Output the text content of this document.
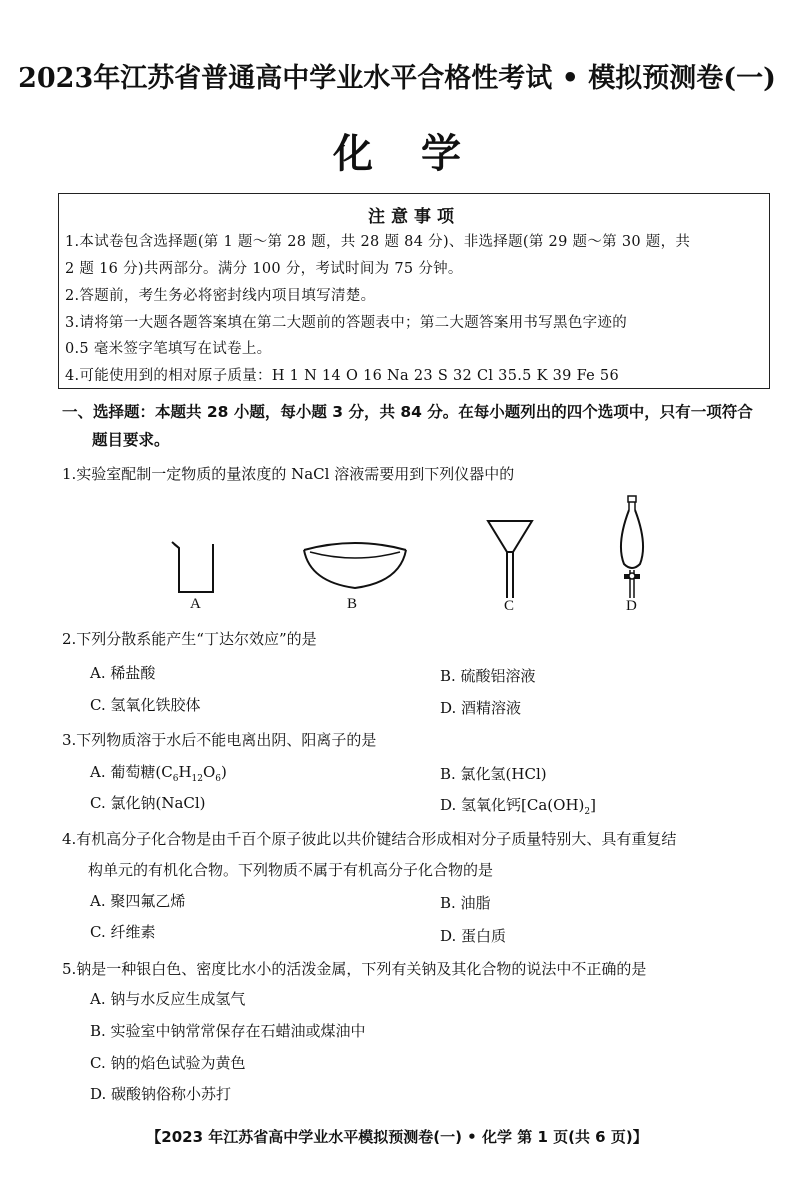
2023年江苏省普通高中学业水平合格性考试 • 模拟预测卷(一)
化学
注意事项
1.本试卷包含选择题(第 1 题～第 28 题，共 28 题 84 分)、非选择题(第 29 题～第 30 题，共
2 题 16 分)共两部分。满分 100 分，考试时间为 75 分钟。
2.答题前，考生务必将密封线内项目填写清楚。
3.请将第一大题各题答案填在第二大题前的答题表中；第二大题答案用书写黑色字迹的
0.5 毫米签字笔填写在试卷上。
4.可能使用到的相对原子质量：H 1 N 14 O 16 Na 23 S 32 Cl 35.5 K 39 Fe 56
一、选择题：本题共 28 小题，每小题 3 分，共 84 分。在每小题列出的四个选项中，只有一项符合
题目要求。
1.实验室配制一定物质的量浓度的 NaCl 溶液需要用到下列仪器中的
A	B	C	D
2.下列分散系能产生“丁达尔效应”的是
A. 稀盐酸	B. 硫酸铝溶液
C. 氢氧化铁胶体	D. 酒精溶液
3.下列物质溶于水后不能电离出阴、阳离子的是
A. 葡萄糖$(C_6H_{12}O_6)$	B. 氯化氢(HCl)
C. 氯化钠(NaCl)	D. 氢氧化钙$[Ca(OH)_2]$
4.有机高分子化合物是由千百个原子彼此以共价键结合形成相对分子质量特别大、具有重复结
构单元的有机化合物。下列物质不属于有机高分子化合物的是
A. 聚四氟乙烯	B. 油脂
C. 纤维素	D. 蛋白质
5.钠是一种银白色、密度比水小的活泼金属，下列有关钠及其化合物的说法中不正确的是
A. 钠与水反应生成氢气
B. 实验室中钠常常保存在石蜡油或煤油中
C. 钠的焰色试验为黄色
D. 碳酸钠俗称小苏打
【2023 年江苏省高中学业水平模拟预测卷(一) • 化学 第 1 页(共 6 页)】
